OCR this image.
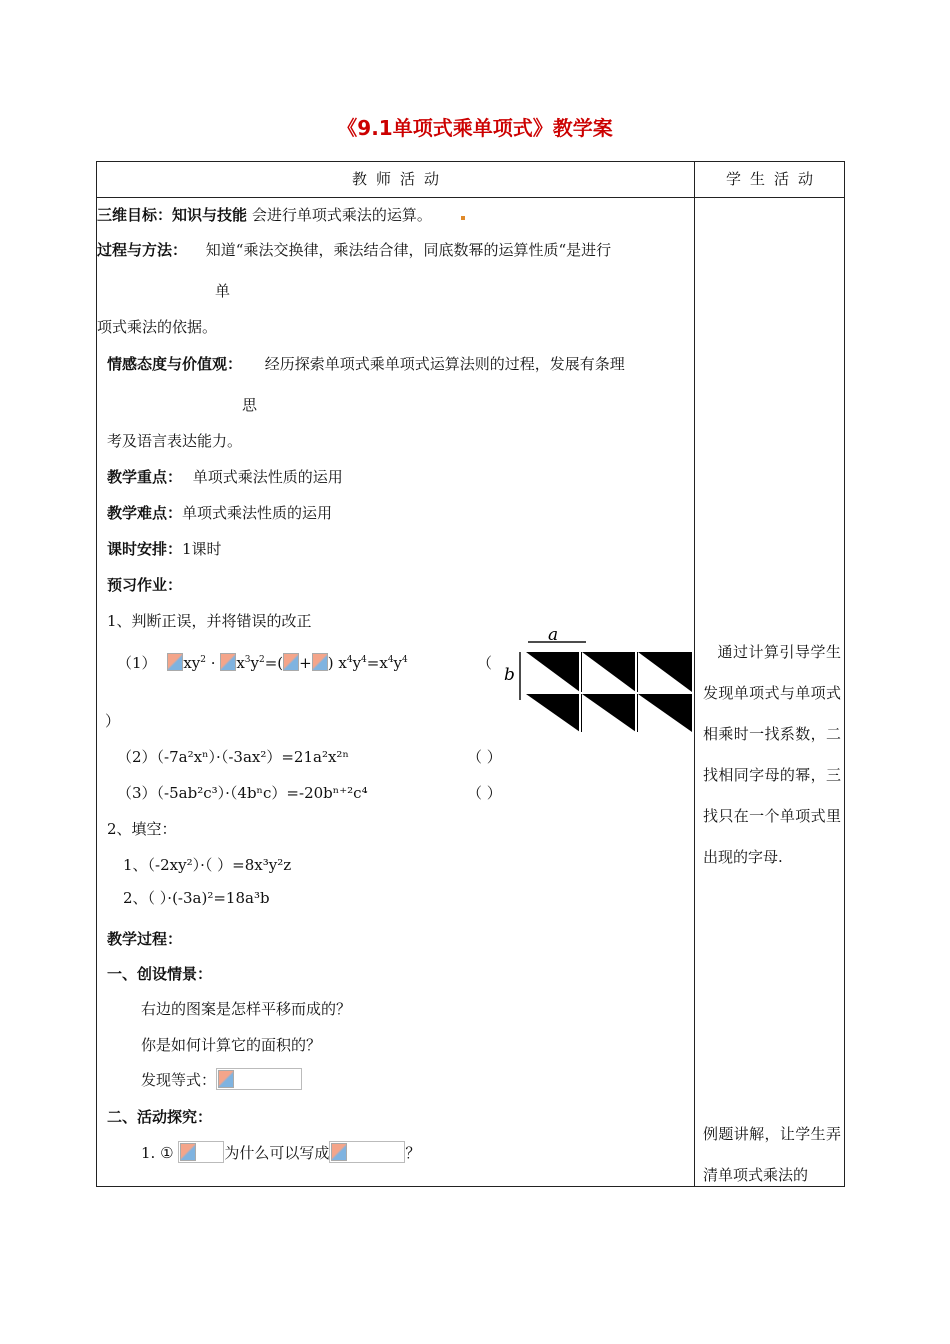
《9.1单项式乘单项式》教学案
教师活动	学生活动
三维目标：知识与技能 会进行单项式乘法的运算。
过程与方法： 知道“乘法交换律，乘法结合律，同底数幂的运算性质“是进行
单
项式乘法的依据。
情感态度与价值观： 经历探索单项式乘单项式运算法则的过程，发展有条理
思
考及语言表达能力。
教学重点： 单项式乘法性质的运用
教学难点：单项式乘法性质的运用
课时安排：1课时
预习作业：
1、判断正误，并将错误的改正
（1） $xy^2 \cdot x^3y^2=$( + ) $x^4y^4=x^4y^4$	（
）
（2）（-7a²xⁿ）·（-3ax²）=21a²x²ⁿ	（ ）
（3）（-5ab²c³）·（4bⁿc）=-20bⁿ⁺²c⁴	（ ）
2、填空：
1、（-2xy²）·（ ）=8x³y²z
2、（ ）·(-3a)²=18a³b
教学过程：
一、创设情景：
右边的图案是怎样平移而成的？
你是如何计算它的面积的？
发现等式：
二、活动探究：
1. ①	为什么可以写成	？
a
b
通过计算引导学生发现单项式与单项式相乘时一找系数，二找相同字母的幂，三找只在一个单项式里出现的字母.
例题讲解，让学生弄清单项式乘法的
